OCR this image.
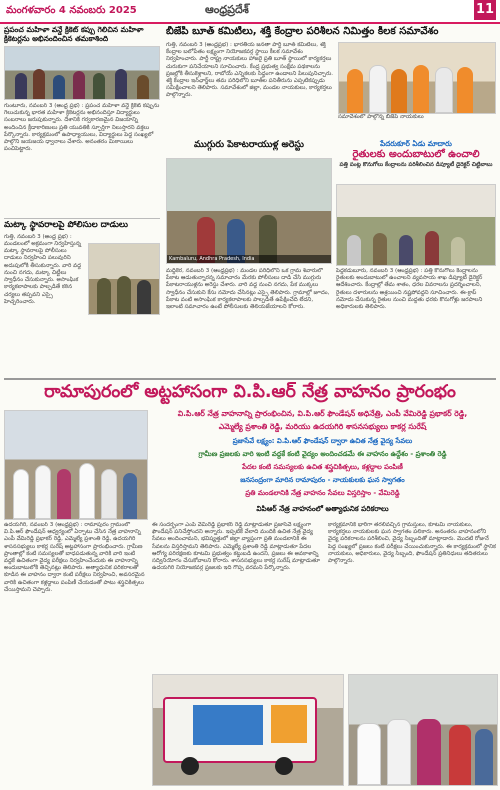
మంగళవారం 4 నవంబరు 2025	ఆంధ్రప్రదేశ్	11
ప్రపంచ మహిళా వన్డే క్రికెట్ కప్పు గెలిచిన మహిళా క్రికెటర్లను అభినందించిన తమకాశింది
గుంటూరు, నవంబర్ 3 (ఆంధ్ర ప్రభ) : ప్రపంచ మహిళా వన్డే క్రికెట్ కప్పును గెలుచుకున్న భారత మహిళా క్రికెటర్లను అభినందిస్తూ విద్యార్థులు సంబరాలు జరుపుకున్నారు. దేశానికి గర్వకారణమైన విజయాన్ని అందించిన క్రీడాకారిణులు ప్రతి యువతికి స్ఫూర్తిగా నిలుస్తారని వక్తలు పేర్కొన్నారు. కార్యక్రమంలో ఉపాధ్యాయులు, విద్యార్థులు పెద్ద సంఖ్యలో పాల్గొని జయజయ ధ్వానాలు చేశారు. అనంతరం మిఠాయిలు పంచిపెట్టారు.
మట్కా స్థావరాలపై పోలీసుల దాడులు
గుత్తి, నవంబర్ 3 (ఆంధ్ర ప్రభ) : మండలంలో అక్రమంగా నిర్వహిస్తున్న మట్కా స్థావరాలపై పోలీసులు దాడులు నిర్వహించి పలువురిని అదుపులోకి తీసుకున్నారు. వారి వద్ద నుంచి నగదు, మట్కా చిట్టీలు స్వాధీనం చేసుకున్నారు. అసాంఘిక కార్యకలాపాలకు పాల్పడితే కఠిన చర్యలు తప్పవని ఎస్సై హెచ్చరించారు.
బీజేపీ బూత్ కమిటీలు, శక్తి కేంద్రాల పరిశీలన నిమిత్తం కీలక సమావేశం
గుత్తి, నవంబర్ 3 (ఆంధ్రప్రభ) : భారతీయ జనతా పార్టీ బూత్ కమిటీలు, శక్తి కేంద్రాల బలోపేతం లక్ష్యంగా నియోజకవర్గ స్థాయి కీలక సమావేశం నిర్వహించారు. పార్టీ రాష్ట్ర నాయకులు హాజరై ప్రతి బూత్ స్థాయిలో కార్యకర్తలు చురుకుగా పనిచేయాలని సూచించారు. కేంద్ర ప్రభుత్వ సంక్షేమ పథకాలను ప్రజల్లోకి తీసుకెళ్లాలని, రాబోయే ఎన్నికలకు సిద్ధంగా ఉండాలని పిలుపునిచ్చారు. శక్తి కేంద్రాల ఇన్‌ఛార్జ్‌లు తమ పరిధిలోని బూత్‌ల పనితీరును ఎప్పటికప్పుడు సమీక్షించాలని తెలిపారు. సమావేశంలో జిల్లా, మండల నాయకులు, కార్యకర్తలు పాల్గొన్నారు.
సమావేశంలో పాల్గొన్న బీజేపీ నాయకులు
ముగ్గురు పేకాటరాయుళ్ల అరెస్టు
Kambaluru, Andhra Pradesh, India
మద్దికెర, నవంబర్ 3 (ఆంధ్రప్రభ) : మండల పరిధిలోని ఒక గ్రామ శివారులో పేకాట ఆడుతున్నారన్న సమాచారం మేరకు పోలీసులు దాడి చేసి ముగ్గురు పేకాటరాయుళ్లను అరెస్టు చేశారు. వారి వద్ద నుంచి నగదు, పేక ముక్కలు స్వాధీనం చేసుకుని కేసు నమోదు చేసినట్లు ఎస్సై తెలిపారు. గ్రామాల్లో జూదం, పేకాట వంటి అసాంఘిక కార్యకలాపాలకు పాల్పడితే ఉపేక్షించేది లేదని, ఇలాంటి సమాచారం ఉంటే పోలీసులకు తెలియజేయాలని కోరారు.
పేదరుకూర్ ఏడు మాదారు
రైతులకు అందుబాటులో ఉంచాలి
పత్తి పంట్ల కొనుగోలు కేంద్రాలను పరిశీలించిన డిప్యూటీ డైరెక్టర్ చిట్టిబాబు
పెద్దకడుబూరు, నవంబర్ 3 (ఆంధ్రప్రభ) : పత్తి కొనుగోలు కేంద్రాలను రైతులకు అందుబాటులో ఉంచాలని వ్యవసాయ శాఖ డిప్యూటీ డైరెక్టర్ ఆదేశించారు. కేంద్రాల్లో తేమ శాతం, ధరల వివరాలను ప్రదర్శించాలని, రైతులు దళారులను ఆశ్రయించి నష్టపోవద్దని సూచించారు. ఈ-క్రాప్ నమోదు చేసుకున్న రైతుల నుంచి మద్దతు ధరకు కొనుగోళ్లు జరపాలని అధికారులకు తెలిపారు.
రామాపురంలో అట్టహాసంగా వి.పి.ఆర్ నేత్ర వాహనం ప్రారంభం
వి.పి.ఆర్ నేత్ర వాహనాన్ని ప్రారంభించిన, వి.పి.ఆర్ ఫౌండేషన్ అధినేత్రి, ఎంపీ వేమిరెడ్డి ప్రభాకర్ రెడ్డి,
ఎమ్మెల్యే ప్రశాంతి రెడ్డి, మరియు ఉదయగిరి శాసనసభ్యులు కాకర్ల సురేష్
ప్రజాసేవే లక్ష్యం: వి.పి.ఆర్ ఫౌండేషన్ ద్వారా ఉచిత నేత్ర వైద్య సేవలు
గ్రామీణ ప్రజలకు వారి ఇంటి వద్దకే కంటి వైద్యం అందించడమే ఈ వాహనం ఉద్దేశం - ప్రశాంతి రెడ్డి
పేదల కంటి సమస్యలకు ఉచిత శస్త్రచికిత్సలు, కళ్లద్దాల పంపిణీ
జనసంద్రంగా మారిన రామాపురం - నాయకులకు ఘన స్వాగతం
ప్రతి మండలానికి నేత్ర వాహనం సేవలు విస్తరిస్తాం - వేమిరెడ్డి
విపిఆర్ నేత్ర వాహనంలో అత్యాధునిక పరికరాలు
ఉదయగిరి, నవంబర్ 3 (ఆంధ్రప్రభ) : రామాపురం గ్రామంలో వి.పి.ఆర్ ఫౌండేషన్ ఆధ్వర్యంలో ఏర్పాటు చేసిన నేత్ర వాహనాన్ని ఎంపీ వేమిరెడ్డి ప్రభాకర్ రెడ్డి, ఎమ్మెల్యే ప్రశాంతి రెడ్డి, ఉదయగిరి శాసనసభ్యులు కాకర్ల సురేష్ అట్టహాసంగా ప్రారంభించారు. గ్రామీణ ప్రాంతాల్లో కంటి సమస్యలతో బాధపడుతున్న వారికి వారి ఇంటి వద్దకే ఉచితంగా వైద్య పరీక్షలు నిర్వహించేందుకు ఈ వాహనాన్ని అందుబాటులోకి తెచ్చినట్లు తెలిపారు. అత్యాధునిక పరికరాలతో కూడిన ఈ వాహనం ద్వారా కంటి పరీక్షలు నిర్వహించి, అవసరమైన వారికి ఉచితంగా కళ్లద్దాలు పంపిణీ చేయడంతో పాటు శస్త్రచికిత్సలు చేయిస్తామని చెప్పారు.
ఈ సందర్భంగా ఎంపీ వేమిరెడ్డి ప్రభాకర్ రెడ్డి మాట్లాడుతూ ప్రజాసేవే లక్ష్యంగా ఫౌండేషన్ పనిచేస్తోందని అన్నారు. ఇప్పటికే వేలాది మందికి ఉచిత నేత్ర వైద్య సేవలు అందించామని, భవిష్యత్తులో జిల్లా వ్యాప్తంగా ప్రతి మండలానికి ఈ సేవలను విస్తరిస్తామని తెలిపారు. ఎమ్మెల్యే ప్రశాంతి రెడ్డి మాట్లాడుతూ పేదల ఆరోగ్య పరిరక్షణకు కూటమి ప్రభుత్వం కట్టుబడి ఉందని, ప్రజలు ఈ అవకాశాన్ని సద్వినియోగం చేసుకోవాలని కోరారు. శాసనసభ్యులు కాకర్ల సురేష్ మాట్లాడుతూ ఉదయగిరి నియోజకవర్గ ప్రజలకు ఇది గొప్ప వరమని పేర్కొన్నారు.
కార్యక్రమానికి భారీగా తరలివచ్చిన గ్రామస్తులు, కూటమి నాయకులు, కార్యకర్తలు నాయకులకు ఘన స్వాగతం పలికారు. అనంతరం వాహనంలోని వైద్య పరికరాలను పరిశీలించి, వైద్య సిబ్బందితో మాట్లాడారు. మొదటి రోజునే పెద్ద సంఖ్యలో ప్రజలు కంటి పరీక్షలు చేయించుకున్నారు. ఈ కార్యక్రమంలో స్థానిక నాయకులు, అధికారులు, వైద్య సిబ్బంది, ఫౌండేషన్ ప్రతినిధులు తదితరులు పాల్గొన్నారు.
